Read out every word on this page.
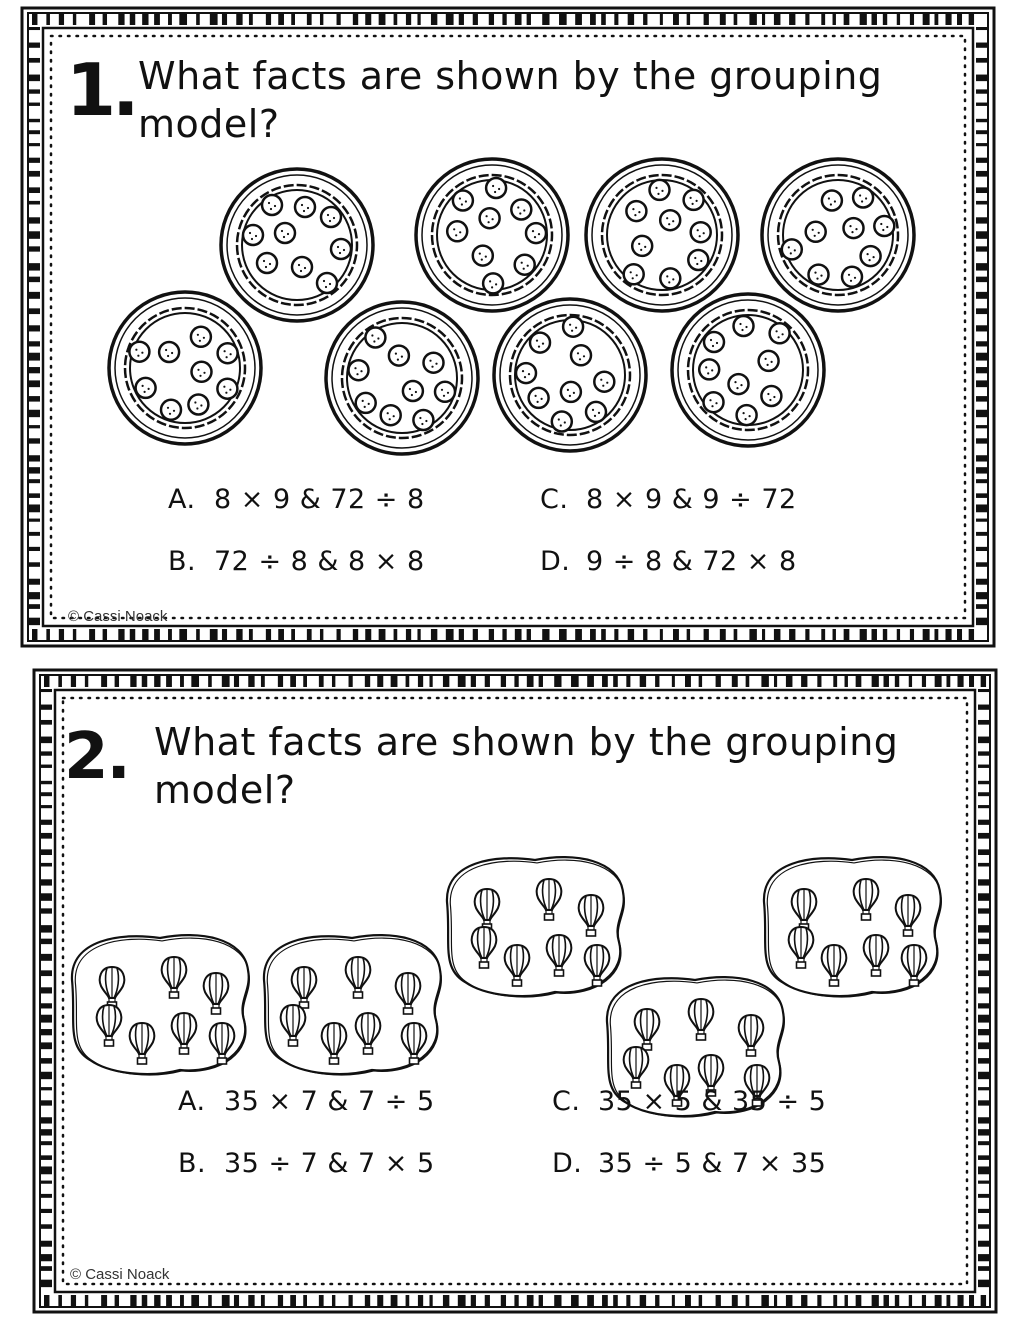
1. What facts are shown by the grouping
model?
A. 8 × 9 & 72 ÷ 8
B. 72 ÷ 8 & 8 × 8
C. 8 × 9 & 9 ÷ 72
D. 9 ÷ 8 & 72 × 8
© Cassi Noack
2. What facts are shown by the grouping
model?
A. 35 × 7 & 7 ÷ 5
B. 35 ÷ 7 & 7 × 5
C. 35 × 5 & 35 ÷ 5
D. 35 ÷ 5 & 7 × 35
© Cassi Noack
